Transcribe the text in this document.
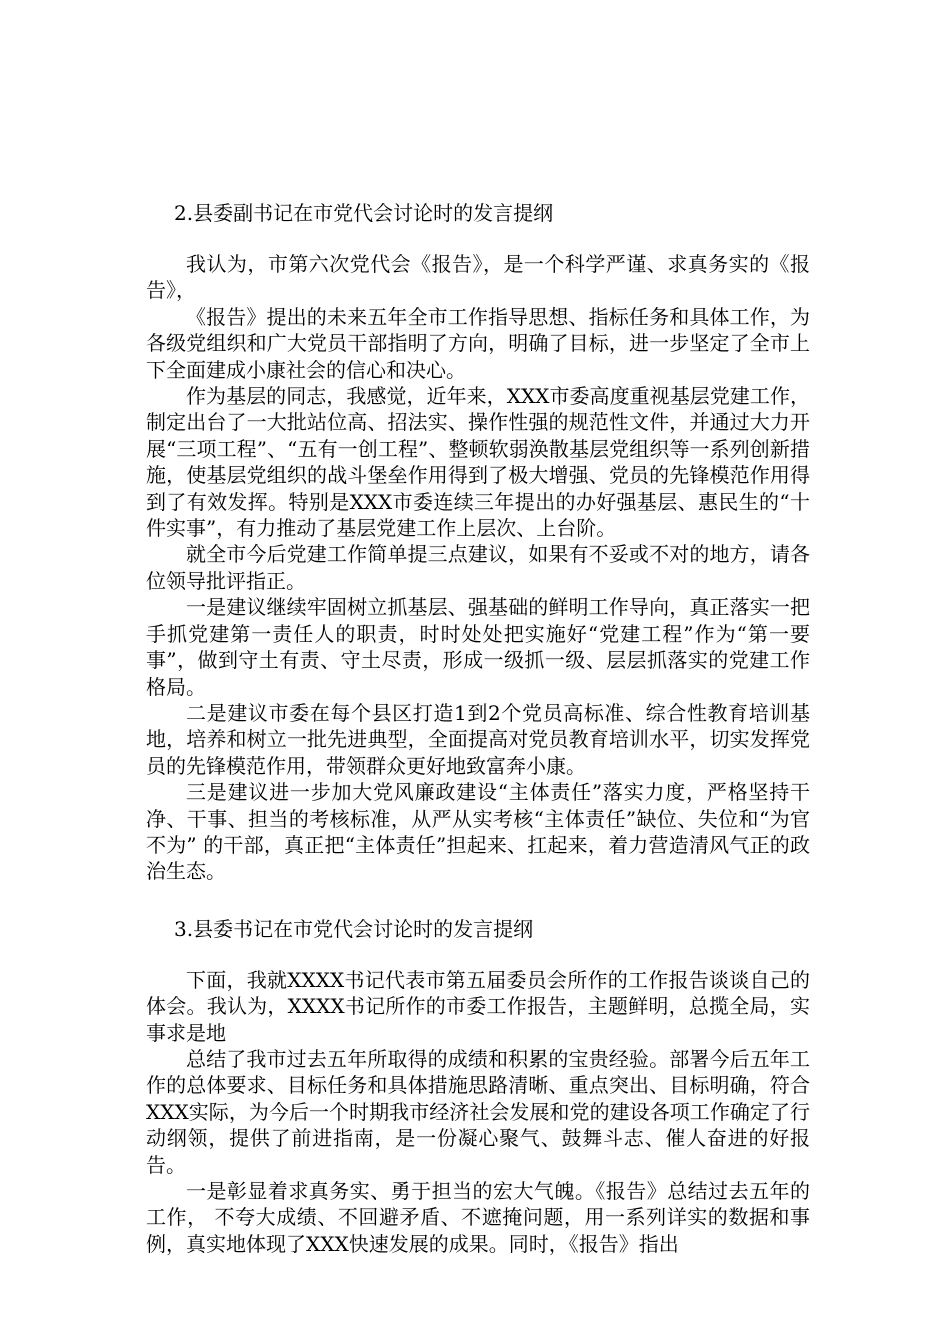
2.县委副书记在市党代会讨论时的发言提纲

我认为，市第六次党代会《报告》，是一个科学严谨、求真务实的《报告》，

《报告》提出的未来五年全市工作指导思想、指标任务和具体工作，为各级党组织和广大党员干部指明了方向，明确了目标，进一步坚定了全市上下全面建成小康社会的信心和决心。

作为基层的同志，我感觉，近年来，XXX市委高度重视基层党建工作，制定出台了一大批站位高、招法实、操作性强的规范性文件，并通过大力开展“三项工程”、“五有一创工程”、整顿软弱涣散基层党组织等一系列创新措施，使基层党组织的战斗堡垒作用得到了极大增强、党员的先锋模范作用得到了有效发挥。特别是XXX市委连续三年提出的办好强基层、惠民生的“十件实事”，有力推动了基层党建工作上层次、上台阶。

就全市今后党建工作简单提三点建议，如果有不妥或不对的地方，请各位领导批评指正。

一是建议继续牢固树立抓基层、强基础的鲜明工作导向，真正落实一把手抓党建第一责任人的职责，时时处处把实施好“党建工程”作为“第一要事”，做到守土有责、守土尽责，形成一级抓一级、层层抓落实的党建工作格局。

二是建议市委在每个县区打造1到2个党员高标准、综合性教育培训基地，培养和树立一批先进典型，全面提高对党员教育培训水平，切实发挥党员的先锋模范作用，带领群众更好地致富奔小康。

三是建议进一步加大党风廉政建设“主体责任”落实力度，严格坚持干净、干事、担当的考核标准，从严从实考核“主体责任”缺位、失位和“为官不为” 的干部，真正把“主体责任”担起来、扛起来，着力营造清风气正的政治生态。

3.县委书记在市党代会讨论时的发言提纲

下面，我就XXXX书记代表市第五届委员会所作的工作报告谈谈自己的体会。我认为，XXXX书记所作的市委工作报告，主题鲜明，总揽全局，实事求是地

总结了我市过去五年所取得的成绩和积累的宝贵经验。部署今后五年工作的总体要求、目标任务和具体措施思路清晰、重点突出、目标明确，符合XXX实际，为今后一个时期我市经济社会发展和党的建设各项工作确定了行动纲领，提供了前进指南，是一份凝心聚气、鼓舞斗志、催人奋进的好报告。

一是彰显着求真务实、勇于担当的宏大气魄。《报告》总结过去五年的工作， 不夸大成绩、不回避矛盾、不遮掩问题，用一系列详实的数据和事例，真实地体现了XXX快速发展的成果。同时，《报告》指出
